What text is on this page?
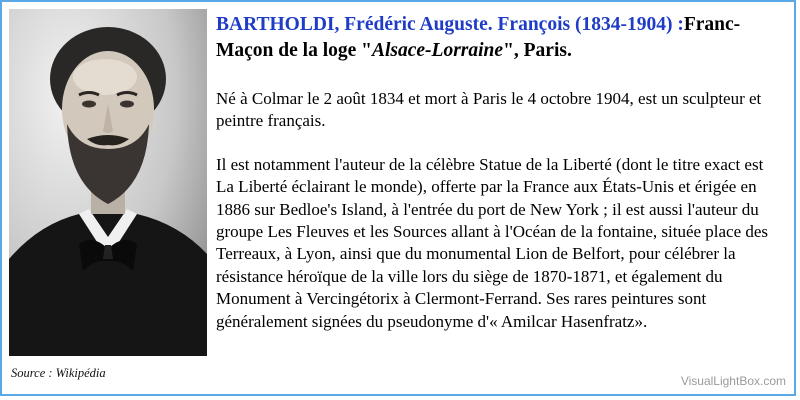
Source : Wikipédia
BARTHOLDI, Frédéric Auguste. François (1834-1904) :Franc-Maçon de la loge "Alsace-Lorraine", Paris.

Né à Colmar le 2 août 1834 et mort à Paris le 4 octobre 1904, est un sculpteur et peintre français.

Il est notamment l'auteur de la célèbre Statue de la Liberté (dont le titre exact est La Liberté éclairant le monde), offerte par la France aux États-Unis et érigée en 1886 sur Bedloe's Island, à l'entrée du port de New York ; il est aussi l'auteur du groupe Les Fleuves et les Sources allant à l'Océan de la fontaine, située place des Terreaux, à Lyon, ainsi que du monumental Lion de Belfort, pour célébrer la résistance héroïque de la ville lors du siège de 1870-1871, et également du Monument à Vercingétorix à Clermont-Ferrand. Ses rares peintures sont généralement signées du pseudonyme d'« Amilcar Hasenfratz».

VisualLightBox.com
